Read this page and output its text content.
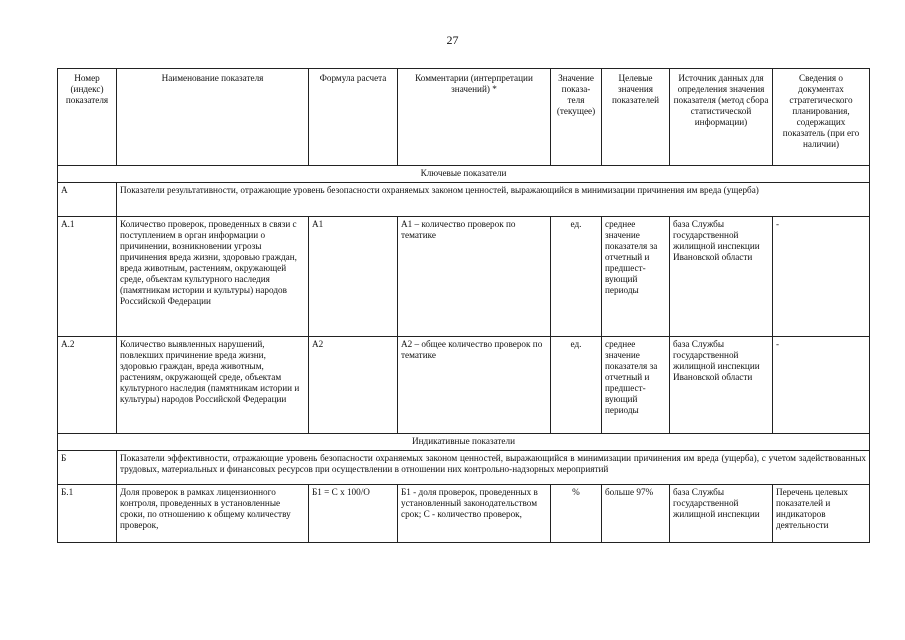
27
Номер (индекс) показателя	Наименование показателя	Формула расчета	Комментарии (интерпретации значений) *	Значение показа-теля (текущее)	Целевые значения показателей	Источник данных для определения значения показателя (метод сбора статистической информации)	Сведения о документах стратегического планирования, содержащих показатель (при его наличии)
Ключевые показатели							
А	Показатели результативности, отражающие уровень безопасности охраняемых законом ценностей, выражающийся в минимизации причинения им вреда (ущерба)						
А.1	Количество проверок, проведенных в связи с поступлением в орган информации о причинении, возникновении угрозы причинения вреда жизни, здоровью граждан, вреда животным, растениям, окружающей среде, объектам культурного наследия (памятникам истории и культуры) народов Российской Федерации	А1	А1 – количество проверок по тематике	ед.	среднее значение показателя за отчетный и предшест-вующий периоды	база Службы государственной жилищной инспекции Ивановской области	-
А.2	Количество выявленных нарушений, повлекших причинение вреда жизни, здоровью граждан, вреда животным, растениям, окружающей среде, объектам культурного наследия (памятникам истории и культуры) народов Российской Федерации	А2	А2 – общее количество проверок по тематике	ед.	среднее значение показателя за отчетный и предшест-вующий периоды	база Службы государственной жилищной инспекции Ивановской области	-
Индикативные показатели							
Б	Показатели эффективности, отражающие уровень безопасности охраняемых законом ценностей, выражающийся в минимизации причинения им вреда (ущерба), с учетом задействованных трудовых, материальных и финансовых ресурсов при осуществлении в отношении них контрольно-надзорных мероприятий						
Б.1	Доля проверок в рамках лицензионного контроля, проведенных в установленные сроки, по отношению к общему количеству проверок,	Б1 = С х 100/О	Б1 - доля проверок, проведенных в установленный законодательством срок; С - количество проверок,	%	больше 97%	база Службы государственной жилищной инспекции	Перечень целевых показателей и индикаторов деятельности
